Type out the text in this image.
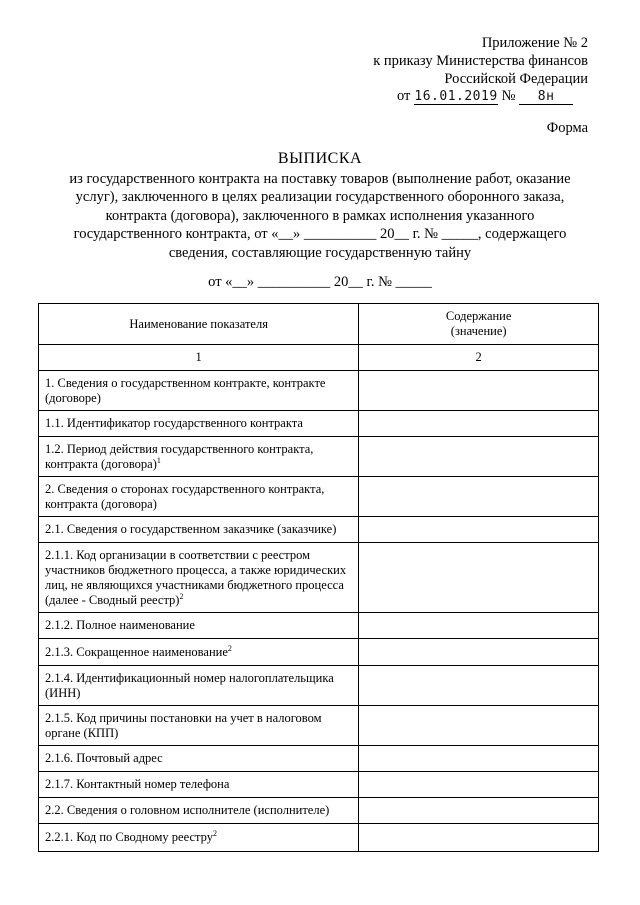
Приложение № 2
к приказу Министерства финансов
Российской Федерации
от 16.01.2019 № 8н
Форма
ВЫПИСКА
из государственного контракта на поставку товаров (выполнение работ, оказание
услуг), заключенного в целях реализации государственного оборонного заказа,
контракта (договора), заключенного в рамках исполнения указанного
государственного контракта, от «__» __________ 20__ г. № _____, содержащего
сведения, составляющие государственную тайну
от «__» __________ 20__ г. № _____
Наименование показателя	Содержание
(значение)

1	2
1. Сведения о государственном контракте, контракте (договоре)	
1.1. Идентификатор государственного контракта	
1.2. Период действия государственного контракта, контракта (договора)$^1$	
2. Сведения о сторонах государственного контракта, контракта (договора)	
2.1. Сведения о государственном заказчике (заказчике)	
2.1.1. Код организации в соответствии с реестром участников бюджетного процесса, а также юридических лиц, не являющихся участниками бюджетного процесса (далее - Сводный реестр)$^2$	
2.1.2. Полное наименование	
2.1.3. Сокращенное наименование$^2$	
2.1.4. Идентификационный номер налогоплательщика (ИНН)	
2.1.5. Код причины постановки на учет в налоговом органе (КПП)	
2.1.6. Почтовый адрес	
2.1.7. Контактный номер телефона	
2.2. Сведения о головном исполнителе (исполнителе)	
2.2.1. Код по Сводному реестру$^2$	
